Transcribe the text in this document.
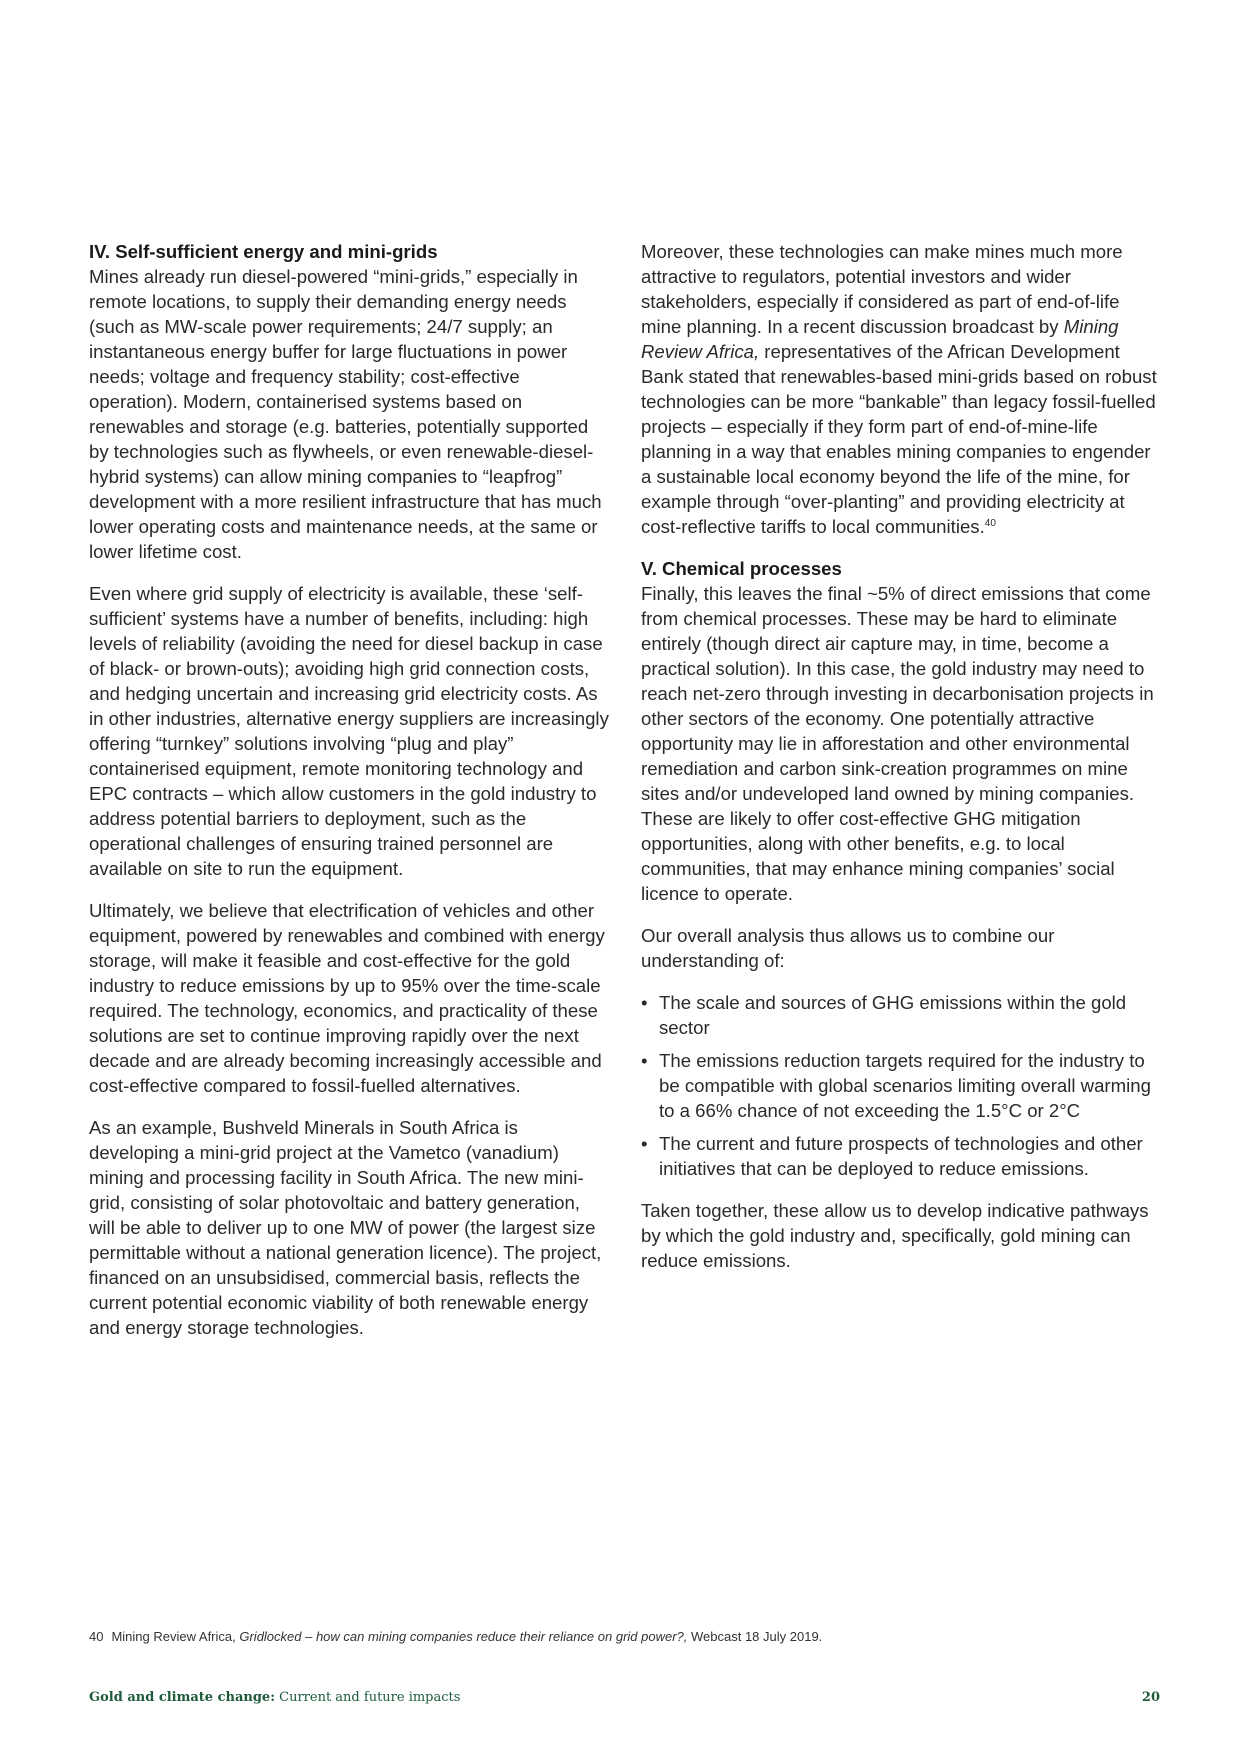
IV. Self-sufficient energy and mini-grids

Mines already run diesel-powered “mini-grids,” especially in remote locations, to supply their demanding energy needs (such as MW-scale power requirements; 24/7 supply; an instantaneous energy buffer for large fluctuations in power needs; voltage and frequency stability; cost-effective operation). Modern, containerised systems based on renewables and storage (e.g. batteries, potentially supported by technologies such as flywheels, or even renewable-diesel-hybrid systems) can allow mining companies to “leapfrog” development with a more resilient infrastructure that has much lower operating costs and maintenance needs, at the same or lower lifetime cost.

Even where grid supply of electricity is available, these ‘self-sufficient’ systems have a number of benefits, including: high levels of reliability (avoiding the need for diesel backup in case of black- or brown-outs); avoiding high grid connection costs, and hedging uncertain and increasing grid electricity costs. As in other industries, alternative energy suppliers are increasingly offering “turnkey” solutions involving “plug and play” containerised equipment, remote monitoring technology and EPC contracts – which allow customers in the gold industry to address potential barriers to deployment, such as the operational challenges of ensuring trained personnel are available on site to run the equipment.

Ultimately, we believe that electrification of vehicles and other equipment, powered by renewables and combined with energy storage, will make it feasible and cost-effective for the gold industry to reduce emissions by up to 95% over the time-scale required. The technology, economics, and practicality of these solutions are set to continue improving rapidly over the next decade and are already becoming increasingly accessible and cost-effective compared to fossil-fuelled alternatives.

As an example, Bushveld Minerals in South Africa is developing a mini-grid project at the Vametco (vanadium) mining and processing facility in South Africa. The new mini-grid, consisting of solar photovoltaic and battery generation, will be able to deliver up to one MW of power (the largest size permittable without a national generation licence). The project, financed on an unsubsidised, commercial basis, reflects the current potential economic viability of both renewable energy and energy storage technologies.

Moreover, these technologies can make mines much more attractive to regulators, potential investors and wider stakeholders, especially if considered as part of end-of-life mine planning. In a recent discussion broadcast by Mining Review Africa, representatives of the African Development Bank stated that renewables-based mini-grids based on robust technologies can be more “bankable” than legacy fossil-fuelled projects – especially if they form part of end-of-mine-life planning in a way that enables mining companies to engender a sustainable local economy beyond the life of the mine, for example through “over-planting” and providing electricity at cost-reflective tariffs to local communities.$^{40}$

V. Chemical processes

Finally, this leaves the final ~5% of direct emissions that come from chemical processes. These may be hard to eliminate entirely (though direct air capture may, in time, become a practical solution). In this case, the gold industry may need to reach net-zero through investing in decarbonisation projects in other sectors of the economy. One potentially attractive opportunity may lie in afforestation and other environmental remediation and carbon sink-creation programmes on mine sites and/or undeveloped land owned by mining companies. These are likely to offer cost-effective GHG mitigation opportunities, along with other benefits, e.g. to local communities, that may enhance mining companies’ social licence to operate.

Our overall analysis thus allows us to combine our understanding of:

• The scale and sources of GHG emissions within the gold sector
• The emissions reduction targets required for the industry to be compatible with global scenarios limiting overall warming to a 66% chance of not exceeding the 1.5°C or 2°C
• The current and future prospects of technologies and other initiatives that can be deployed to reduce emissions.

Taken together, these allow us to develop indicative pathways by which the gold industry and, specifically, gold mining can reduce emissions.

40 Mining Review Africa, Gridlocked – how can mining companies reduce their reliance on grid power?, Webcast 18 July 2019.
Gold and climate change: Current and future impacts	20
